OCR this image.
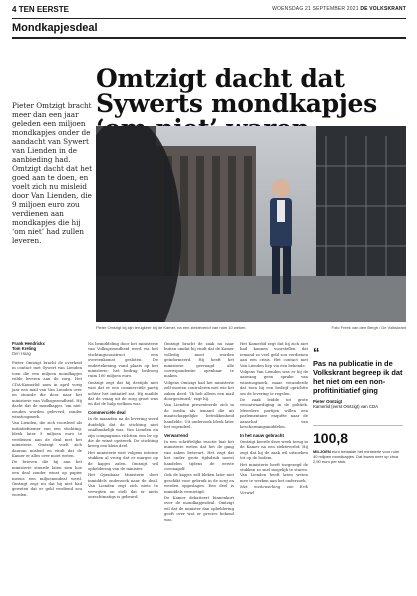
4 TEN EERSTE	WOENSDAG 21 SEPTEMBER 2021 DE VOLKSKRANT
Mondkapjesdeal
Omtzigt dacht dat Sywerts mondkapjes
Pieter Omtzigt bracht meer dan een jaar geleden een miljoen mondkapjes onder de aandacht van Sywert van Lienden in de aanbieding had. Omtzigt dacht dat het goed aan te doen, en voelt zich nu misleid door Van Lienden, die 9 miljoen euro zou verdienen aan mondkapjes die hij ‘om niet’ had zullen leveren.
Pieter Omtzigt bij zijn terugkeer bij de Kamer, na een ziekteverlof van ruim 10 weken.	Foto Freek van den Bergh / De Volkskrant
Frank Hendrickx
Tom Kreling
Den Haag

Pieter Omtzigt bracht de overheid in contact met Sywert van Lienden toen die een miljoen mondkapjes wilde leveren aan de zorg. Het CDA-Kamerlid nam in april vorig jaar een mail van Van Lienden over en stuurde die door naar het ministerie van Volksgezondheid. Hij dacht dat de mondkapjes ‘om niet’ zouden worden geleverd, zonder winstoogmerk.

Van Lienden, die zich voordeed als initiatiefnemer van een stichting, bleek later 9 miljoen euro te verdienen aan de deal met het ministerie. Omtzigt voelt zich daarom misleid en vindt dat de Kamer er alles over moet weten.

De brieven die hij aan het ministerie stuurde laten zien hoe een deal zonder winst op papier ineens een miljoenendeal werd. Omtzigt zegt nu dat hij niet had geweten dat er geld verdiend zou worden.

Na bemiddeling door het ministerie van Volksgezondheid werd via het stichtingsconstruct een overeenkomst gesloten. De ondertekening vond plaats op het ministerie; het bedrag bedroeg ruim 100 miljoen euro.

Omtzigt zegt dat hij destijds niet wist dat er een commerciële partij achter het initiatief zat. Hij mailde dat de vraag uit de zorg groot was en dat de hulp welkom was.

Commerciële deal

In de maanden na de levering werd duidelijk dat de stichting niet onafhankelijk was. Van Lienden en zijn compagnons richtten een bv op die de winst opstreek. De stichting kreeg een klein deel.

Het ministerie wist volgens interne stukken al vroeg dat er marges op de kapjes zaten. Omtzigt wil opheldering van de minister.

Het Openbaar Ministerie doet inmiddels onderzoek naar de deal. Van Lienden zegt zich niets te verwijten en stelt dat er niets onrechtmatigs is gebeurd.

Omtzigt bracht de zaak nu naar buiten omdat hij vindt dat de Kamer volledig moet worden geïnformeerd. Hij heeft het ministerie gevraagd alle correspondentie openbaar te maken.

Volgens Omtzigt had het ministerie zelf moeten controleren met wie het zaken deed. ‘Ik heb alleen een mail doorgestuurd,’ zegt hij.

Van Lienden presenteerde zich in de media als iemand die uit maatschappelijke betrokkenheid handelde. Uit onderzoek bleek later het tegendeel.

Verwarrend

In een schriftelijke reactie laat het ministerie weten dat het de gang van zaken betreurt. Het zegt dat het onder grote tijdsdruk moest handelen tijdens de eerste coronagolf.

Ook de kapjes zelf bleken later niet geschikt voor gebruik in de zorg en werden opgeslagen. Een deel is inmiddels vernietigd.

De Kamer debatteert binnenkort over de mondkapjesdeal. Omtzigt wil dat de minister dan opheldering geeft over wat er precies bekend was.

Het Kamerlid zegt dat hij zich niet had kunnen voorstellen dat iemand zo veel geld zou verdienen aan een crisis. Het contact met Van Lienden liep via een bekende.

Volgens Van Lienden was er bij de aanvang geen sprake van winstoogmerk, maar veranderde dat toen hij een bedrijf oprichtte om de levering te regelen.

De zaak leidde tot grote verontwaardiging in de politiek. Meerdere partijen willen een parlementaire enquête naar de aanschaf van beschermingsmiddelen.

In het nauw gebracht

Omtzigt keerde deze week terug in de Kamer na een ziekteverlof. Hij zegt dat hij de zaak wil uitzoeken tot op de bodem.

Het ministerie heeft toegezegd de stukken zo snel mogelijk te sturen. Van Lienden heeft laten weten mee te werken aan het onderzoek.

Met medewerking van Erik Verwiel

“
Pas na publicatie in de Volkskrant begreep ik dat het niet om een non-profitinitiatief ging
Pieter Omtzigt
Kamerlid (eerst Omtzigt) van CDA
100,8
MILJOEN euro betaalde het ministerie voor ruim 40 miljoen mondkapjes. Dat kwam neer op circa 2,50 euro per stuk.
